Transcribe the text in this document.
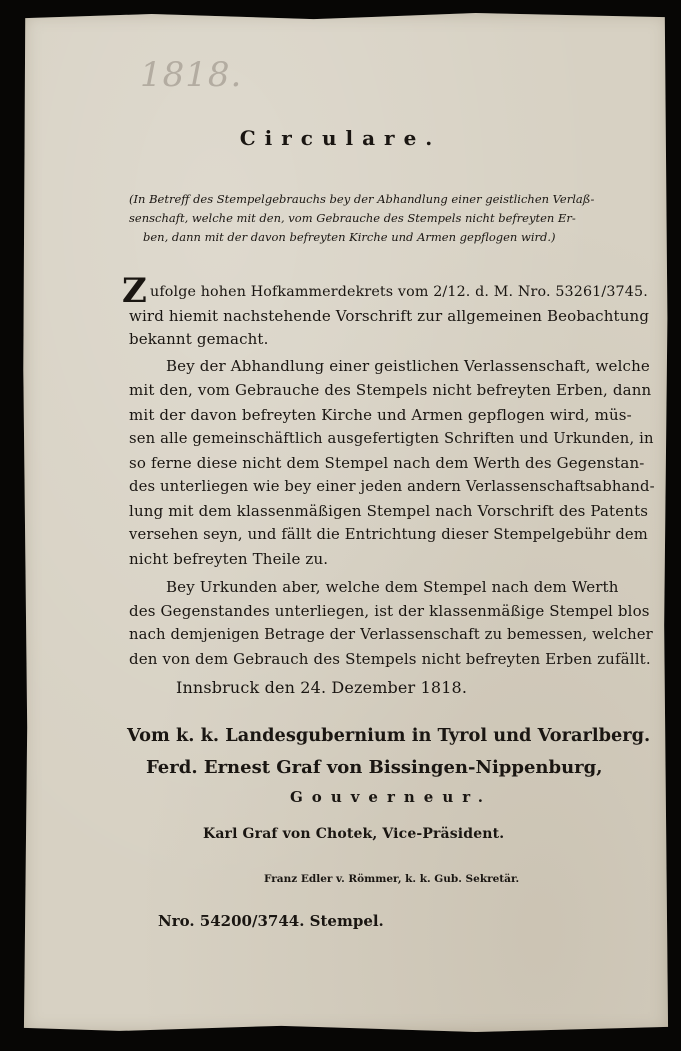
1818.
Circulare.
(In Betreff des Stempelgebrauchs bey der Abhandlung einer geistlichen Verlaß-
senschaft, welche mit den, vom Gebrauche des Stempels nicht befreyten Er-
ben, dann mit der davon befreyten Kirche und Armen gepflogen wird.)
Z ufolge hohen Hofkammerdekrets vom 2/12. d. M. Nro. 53261/3745.
wird hiemit nachstehende Vorschrift zur allgemeinen Beobachtung
bekannt gemacht.
Bey der Abhandlung einer geistlichen Verlassenschaft, welche
mit den, vom Gebrauche des Stempels nicht befreyten Erben, dann
mit der davon befreyten Kirche und Armen gepflogen wird, müs-
sen alle gemeinschäftlich ausgefertigten Schriften und Urkunden, in
so ferne diese nicht dem Stempel nach dem Werth des Gegenstan-
des unterliegen wie bey einer jeden andern Verlassenschaftsabhand-
lung mit dem klassenmäßigen Stempel nach Vorschrift des Patents
versehen seyn, und fällt die Entrichtung dieser Stempelgebühr dem
nicht befreyten Theile zu.
Bey Urkunden aber, welche dem Stempel nach dem Werth
des Gegenstandes unterliegen, ist der klassenmäßige Stempel blos
nach demjenigen Betrage der Verlassenschaft zu bemessen, welcher
den von dem Gebrauch des Stempels nicht befreyten Erben zufällt.
Innsbruck den 24. Dezember 1818.
Vom k. k. Landesgubernium in Tyrol und Vorarlberg.
Ferd. Ernest Graf von Bissingen-Nippenburg,
Gouverneur.
Karl Graf von Chotek, Vice-Präsident.
Franz Edler v. Römmer, k. k. Gub. Sekretär.
Nro. 54200/3744. Stempel.
